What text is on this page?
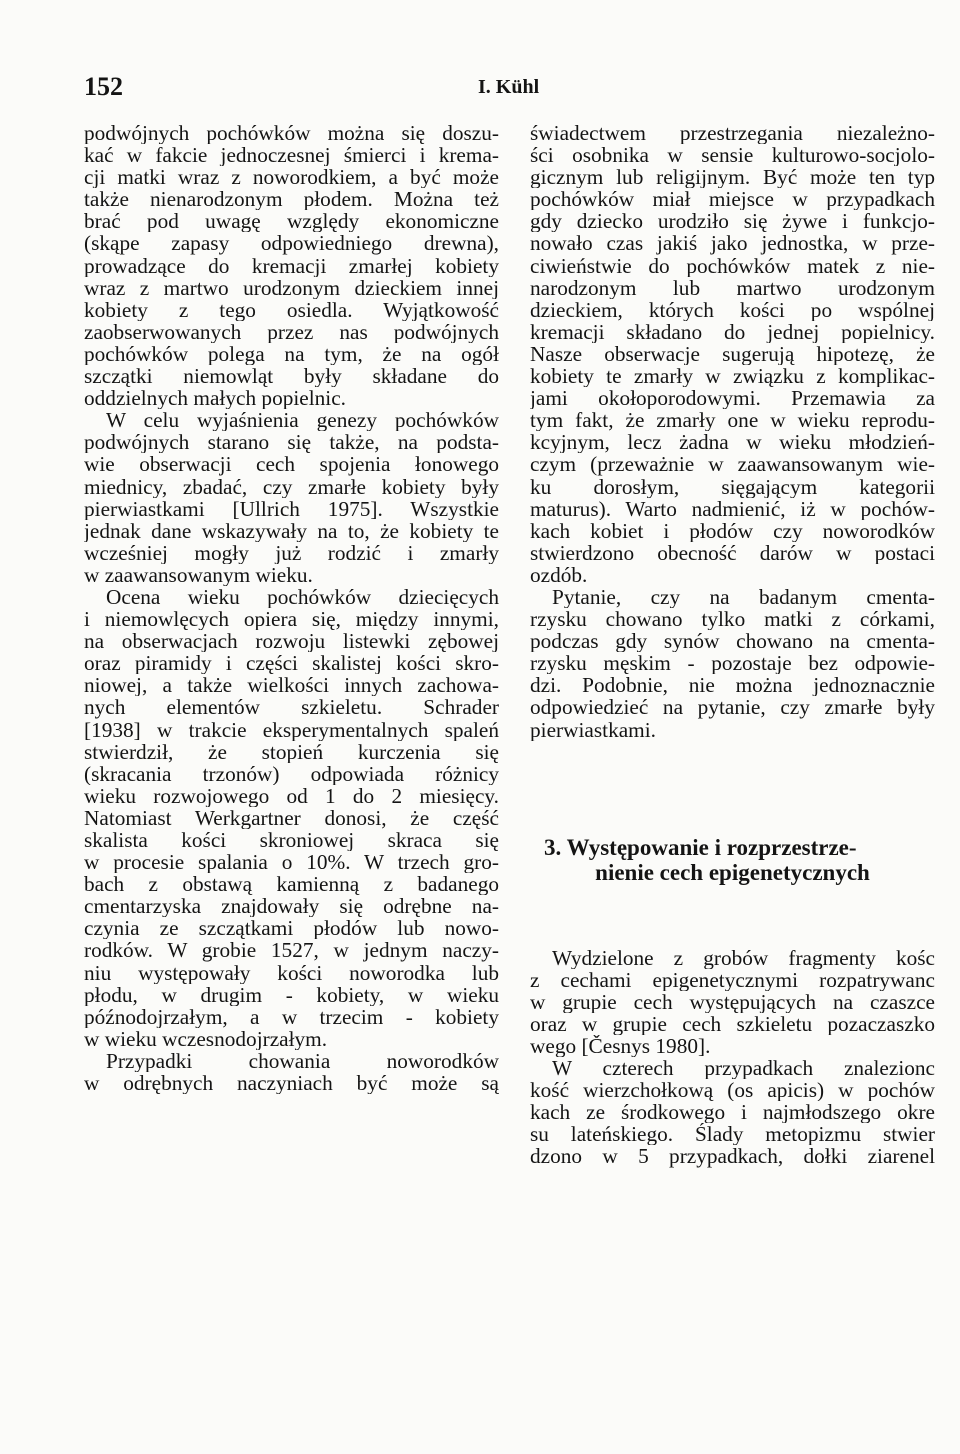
152	I. Kühl
podwójnych pochówków można się doszu-
kać w fakcie jednoczesnej śmierci i krema-
cji matki wraz z noworodkiem, a być może
także nienarodzonym płodem. Można też
brać pod uwagę względy ekonomiczne
(skąpe zapasy odpowiedniego drewna),
prowadzące do kremacji zmarłej kobiety
wraz z martwo urodzonym dzieckiem innej
kobiety z tego osiedla. Wyjątkowość
zaobserwowanych przez nas podwójnych
pochówków polega na tym, że na ogół
szczątki niemowląt były składane do
oddzielnych małych popielnic.
W celu wyjaśnienia genezy pochówków
podwójnych starano się także, na podsta-
wie obserwacji cech spojenia łonowego
miednicy, zbadać, czy zmarłe kobiety były
pierwiastkami [Ullrich 1975]. Wszystkie
jednak dane wskazywały na to, że kobiety te
wcześniej mogły już rodzić i zmarły
w zaawansowanym wieku.
Ocena wieku pochówków dziecięcych
i niemowlęcych opiera się, między innymi,
na obserwacjach rozwoju listewki zębowej
oraz piramidy i części skalistej kości skro-
niowej, a także wielkości innych zachowa-
nych elementów szkieletu. Schrader
[1938] w trakcie eksperymentalnych spaleń
stwierdził, że stopień kurczenia się
(skracania trzonów) odpowiada różnicy
wieku rozwojowego od 1 do 2 miesięcy.
Natomiast Werkgartner donosi, że część
skalista kości skroniowej skraca się
w procesie spalania o 10%. W trzech gro-
bach z obstawą kamienną z badanego
cmentarzyska znajdowały się odrębne na-
czynia ze szczątkami płodów lub nowo-
rodków. W grobie 1527, w jednym naczy-
niu występowały kości noworodka lub
płodu, w drugim - kobiety, w wieku
późnodojrzałym, a w trzecim - kobiety
w wieku wczesnodojrzałym.
Przypadki chowania noworodków
w odrębnych naczyniach być może są
świadectwem przestrzegania niezależno-
ści osobnika w sensie kulturowo-socjolo-
gicznym lub religijnym. Być może ten typ
pochówków miał miejsce w przypadkach
gdy dziecko urodziło się żywe i funkcjo-
nowało czas jakiś jako jednostka, w prze-
ciwieństwie do pochówków matek z nie-
narodzonym lub martwo urodzonym
dzieckiem, których kości po wspólnej
kremacji składano do jednej popielnicy.
Nasze obserwacje sugerują hipotezę, że
kobiety te zmarły w związku z komplikac-
jami okołoporodowymi. Przemawia za
tym fakt, że zmarły one w wieku reprodu-
kcyjnym, lecz żadna w wieku młodzień-
czym (przeważnie w zaawansowanym wie-
ku dorosłym, sięgającym kategorii
maturus). Warto nadmienić, iż w pochów-
kach kobiet i płodów czy noworodków
stwierdzono obecność darów w postaci
ozdób.
Pytanie, czy na badanym cmenta-
rzysku chowano tylko matki z córkami,
podczas gdy synów chowano na cmenta-
rzysku męskim - pozostaje bez odpowie-
dzi. Podobnie, nie można jednoznacznie
odpowiedzieć na pytanie, czy zmarłe były
pierwiastkami.
3. Występowanie i rozprzestrze-
nienie cech epigenetycznych
Wydzielone z grobów fragmenty kośc
z cechami epigenetycznymi rozpatrywanc
w grupie cech występujących na czaszce
oraz w grupie cech szkieletu pozaczaszko
wego [Česnys 1980].
W czterech przypadkach znalezionc
kość wierzchołkową (os apicis) w pochów
kach ze środkowego i najmłodszego okre
su lateńskiego. Ślady metopizmu stwier
dzono w 5 przypadkach, dołki ziarenel
